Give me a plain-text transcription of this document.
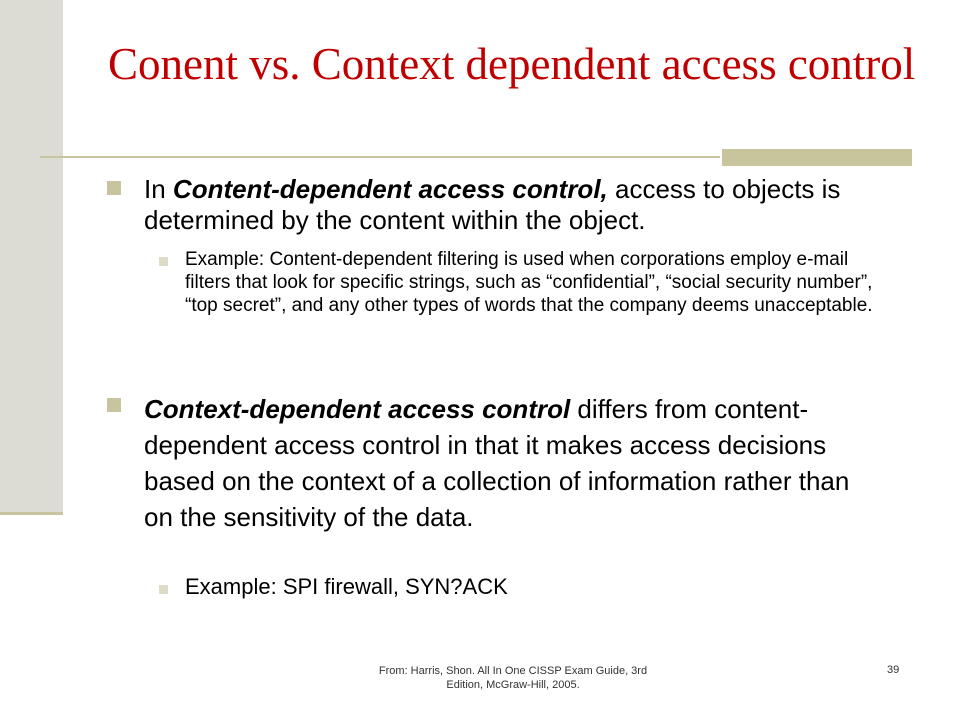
Conent vs. Context dependent access control
In Content-dependent access control, access to objects is determined by the content within the object.
Example: Content-dependent filtering is used when corporations employ e-mail filters that look for specific strings, such as “confidential”, “social security number”, “top secret”, and any other types of words that the company deems unacceptable.
Context-dependent access control differs from content-dependent access control in that it makes access decisions based on the context of a collection of information rather than on the sensitivity of the data.
Example: SPI firewall, SYN?ACK
From: Harris, Shon. All In One CISSP Exam Guide, 3rd Edition, McGraw-Hill, 2005.
39
